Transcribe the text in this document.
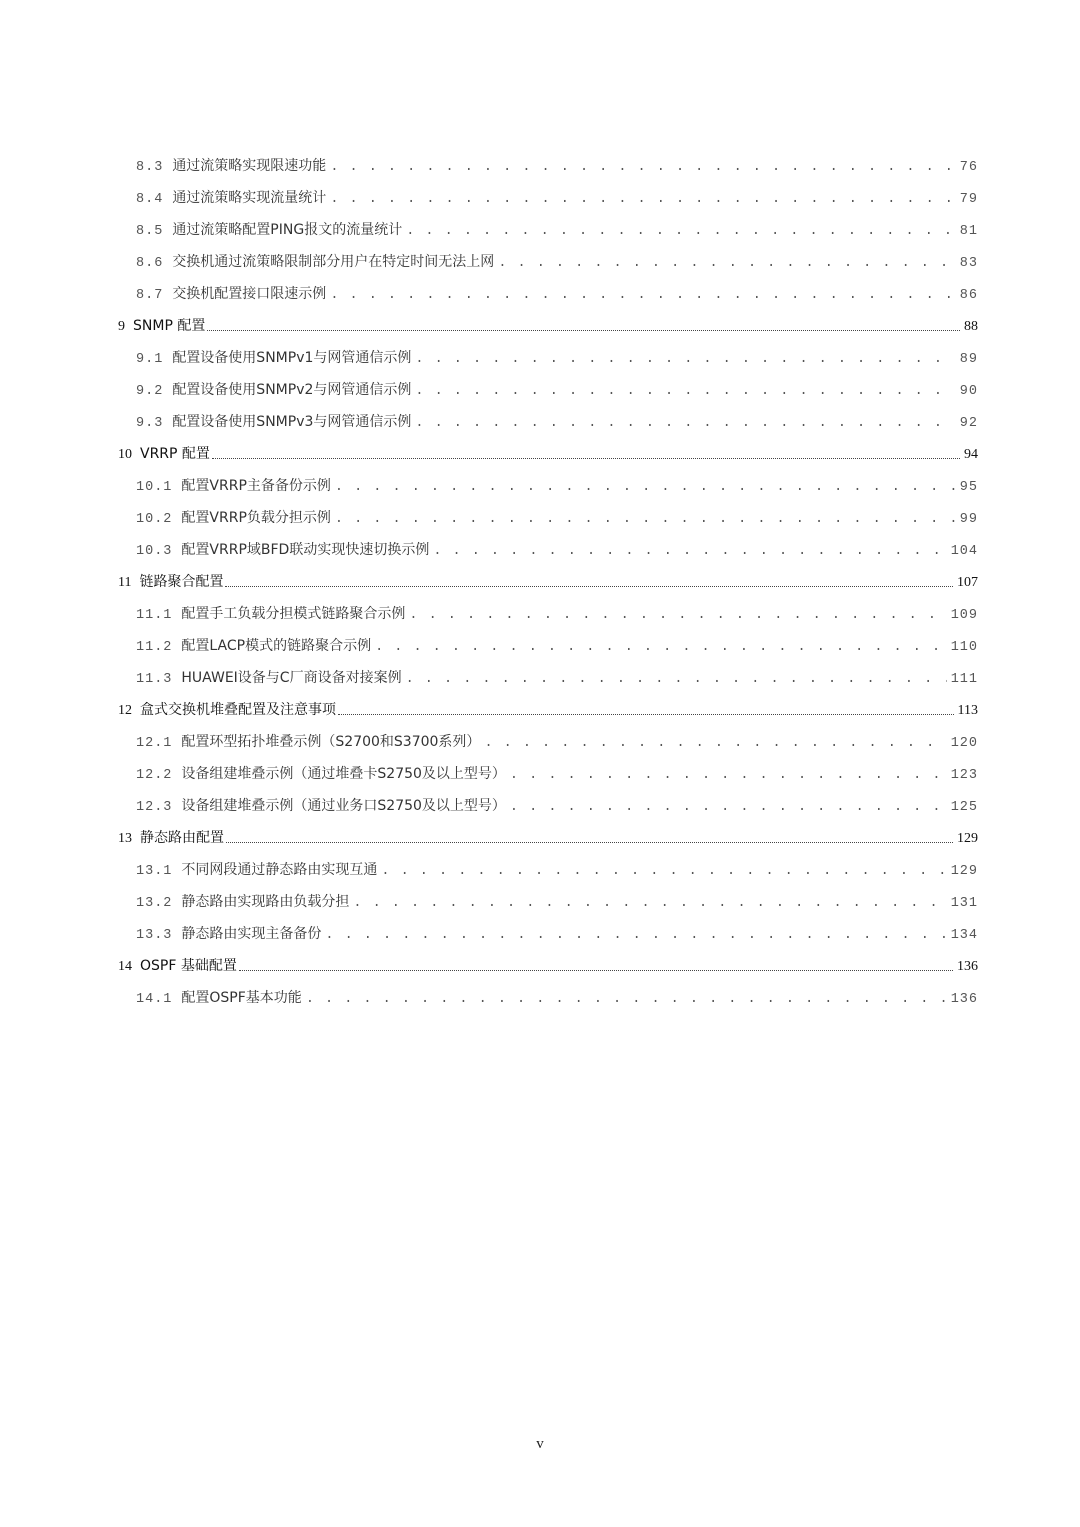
8.3 通过流策略实现限速功能 . . .	76
8.4 通过流策略实现流量统计 . . .	79
8.5 通过流策略配置PING报文的流量统计 . . .	81
8.6 交换机通过流策略限制部分用户在特定时间无法上网 . . .	83
8.7 交换机配置接口限速示例 . . .	86
9 SNMP 配置	88
9.1 配置设备使用SNMPv1与网管通信示例 . . .	89
9.2 配置设备使用SNMPv2与网管通信示例 . . .	90
9.3 配置设备使用SNMPv3与网管通信示例 . . .	92
10 VRRP 配置	94
10.1 配置VRRP主备备份示例 . . .	95
10.2 配置VRRP负载分担示例 . . .	99
10.3 配置VRRP域BFD联动实现快速切换示例 . . .	104
11 链路聚合配置	107
11.1 配置手工负载分担模式链路聚合示例 . . .	109
11.2 配置LACP模式的链路聚合示例 . . .	110
11.3 HUAWEI设备与C厂商设备对接案例 . . .	111
12 盒式交换机堆叠配置及注意事项	113
12.1 配置环型拓扑堆叠示例（S2700和S3700系列） . . .	120
12.2 设备组建堆叠示例（通过堆叠卡S2750及以上型号） . . .	123
12.3 设备组建堆叠示例（通过业务口S2750及以上型号） . . .	125
13 静态路由配置	129
13.1 不同网段通过静态路由实现互通 . . .	129
13.2 静态路由实现路由负载分担 . . .	131
13.3 静态路由实现主备备份 . . .	134
14 OSPF 基础配置	136
14.1 配置OSPF基本功能 . . .	136
v
